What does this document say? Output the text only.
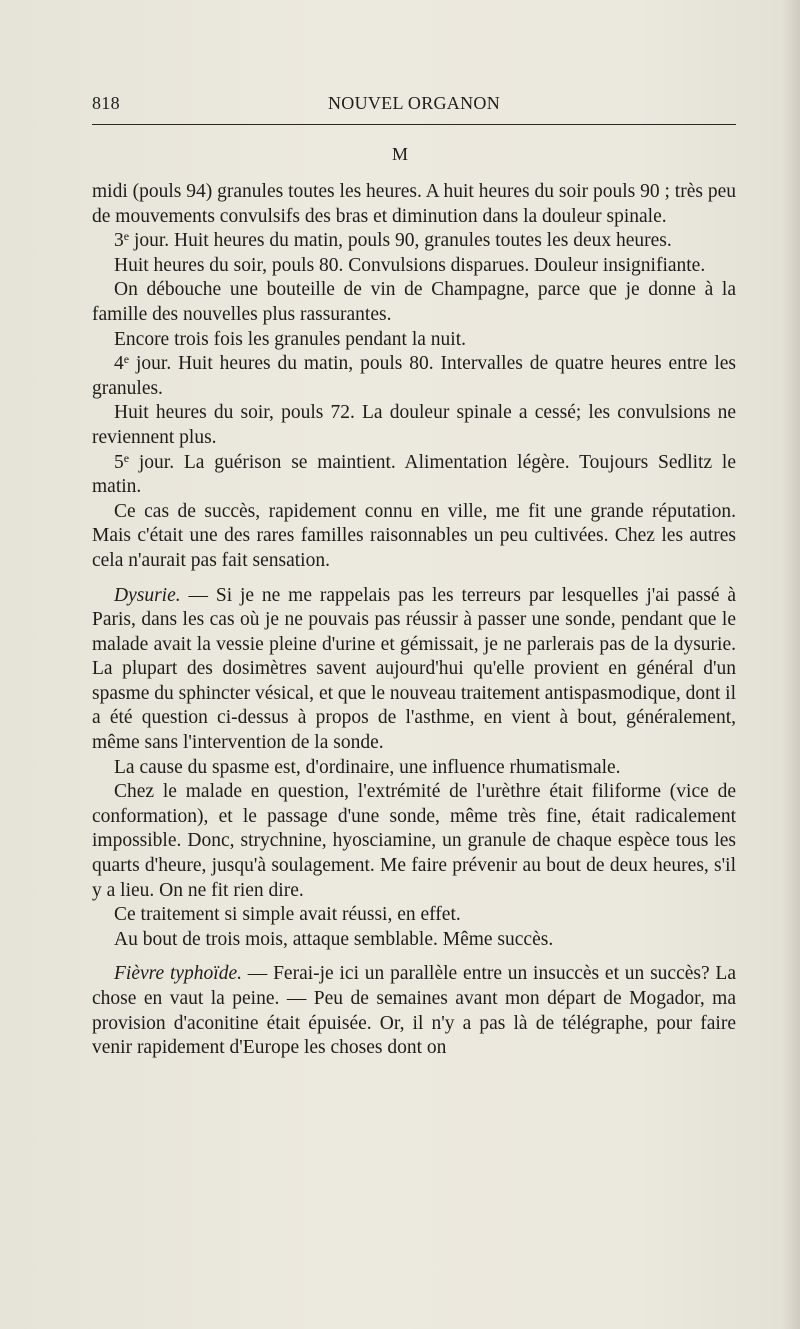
818	NOUVEL ORGANON
M

midi (pouls 94) granules toutes les heures. A huit heures du soir pouls 90 ; très peu de mouvements convulsifs des bras et diminution dans la douleur spinale.

3e jour. Huit heures du matin, pouls 90, granules toutes les deux heures.

Huit heures du soir, pouls 80. Convulsions disparues. Douleur insignifiante.

On débouche une bouteille de vin de Champagne, parce que je donne à la famille des nouvelles plus rassurantes.

Encore trois fois les granules pendant la nuit.

4e jour. Huit heures du matin, pouls 80. Intervalles de quatre heures entre les granules.

Huit heures du soir, pouls 72. La douleur spinale a cessé; les convulsions ne reviennent plus.

5e jour. La guérison se maintient. Alimentation légère. Toujours Sedlitz le matin.

Ce cas de succès, rapidement connu en ville, me fit une grande réputation. Mais c'était une des rares familles raisonnables un peu cultivées. Chez les autres cela n'aurait pas fait sensation.

Dysurie. — Si je ne me rappelais pas les terreurs par lesquelles j'ai passé à Paris, dans les cas où je ne pouvais pas réussir à passer une sonde, pendant que le malade avait la vessie pleine d'urine et gémissait, je ne parlerais pas de la dysurie. La plupart des dosimètres savent aujourd'hui qu'elle provient en général d'un spasme du sphincter vésical, et que le nouveau traitement antispasmodique, dont il a été question ci-dessus à propos de l'asthme, en vient à bout, généralement, même sans l'intervention de la sonde.

La cause du spasme est, d'ordinaire, une influence rhumatismale.

Chez le malade en question, l'extrémité de l'urèthre était filiforme (vice de conformation), et le passage d'une sonde, même très fine, était radicalement impossible. Donc, strychnine, hyosciamine, un granule de chaque espèce tous les quarts d'heure, jusqu'à soulagement. Me faire prévenir au bout de deux heures, s'il y a lieu. On ne fit rien dire.

Ce traitement si simple avait réussi, en effet.

Au bout de trois mois, attaque semblable. Même succès.

Fièvre typhoïde. — Ferai-je ici un parallèle entre un insuccès et un succès? La chose en vaut la peine. — Peu de semaines avant mon départ de Mogador, ma provision d'aconitine était épuisée. Or, il n'y a pas là de télégraphe, pour faire venir rapidement d'Europe les choses dont on
